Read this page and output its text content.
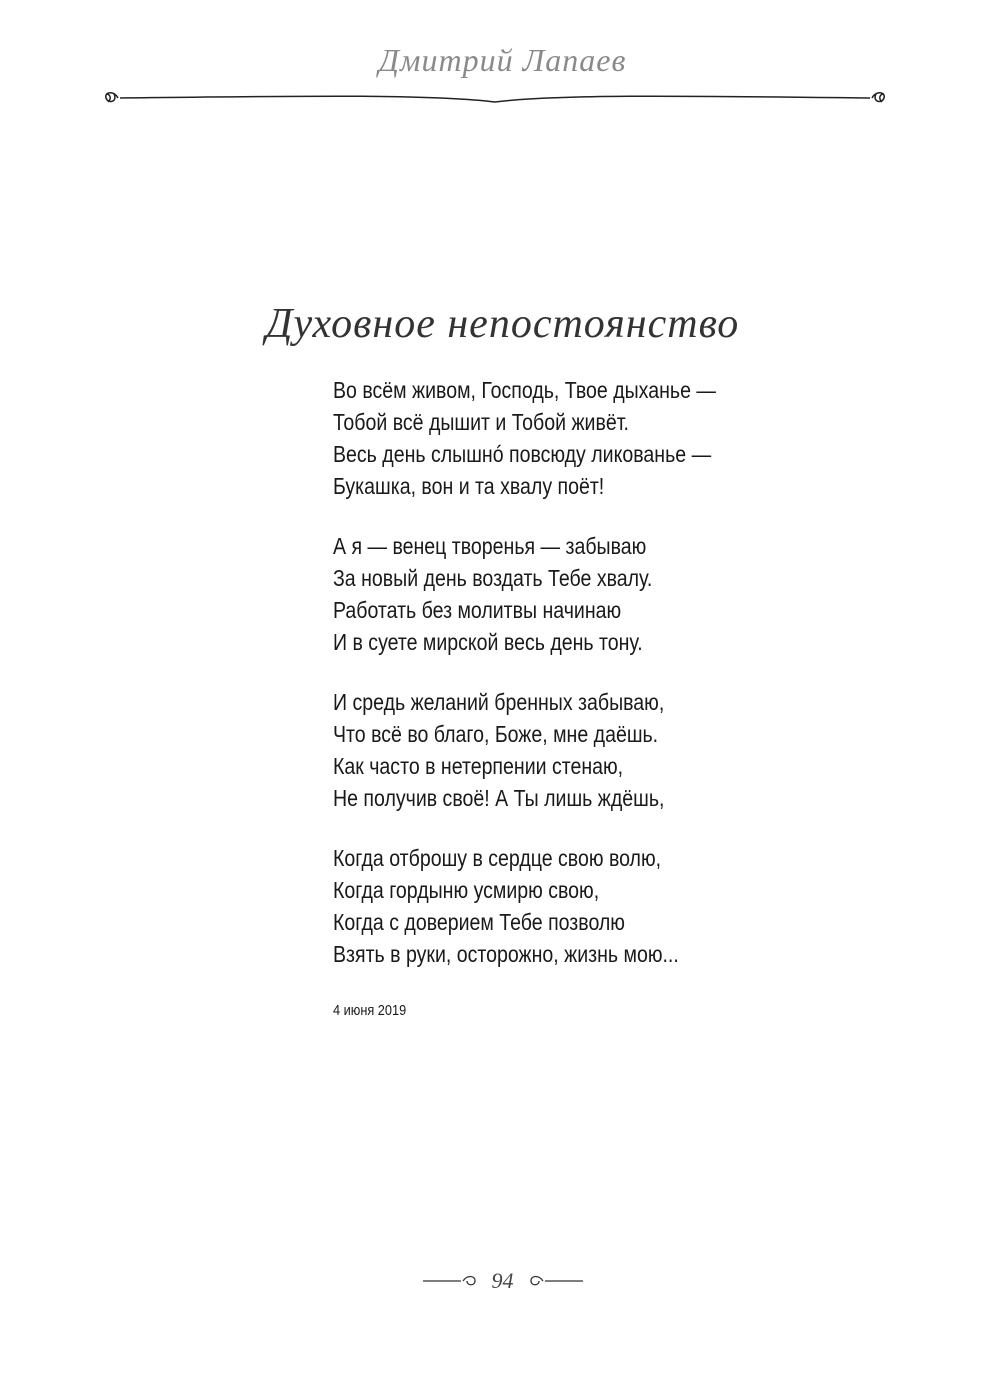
Дмитрий Лапаев
Духовное непостоянство
Во всём живом, Господь, Твое дыханье —
Тобой всё дышит и Тобой живёт.
Весь день слышнó повсюду ликованье —
Букашка, вон и та хвалу поёт!
А я — венец творенья — забываю
За новый день воздать Тебе хвалу.
Работать без молитвы начинаю
И в суете мирской весь день тону.
И средь желаний бренных забываю,
Что всё во благо, Боже, мне даёшь.
Как часто в нетерпении стенаю,
Не получив своё! А Ты лишь ждёшь,
Когда отброшу в сердце свою волю,
Когда гордыню усмирю свою,
Когда с доверием Тебе позволю
Взять в руки, осторожно, жизнь мою...
4 июня 2019
94
